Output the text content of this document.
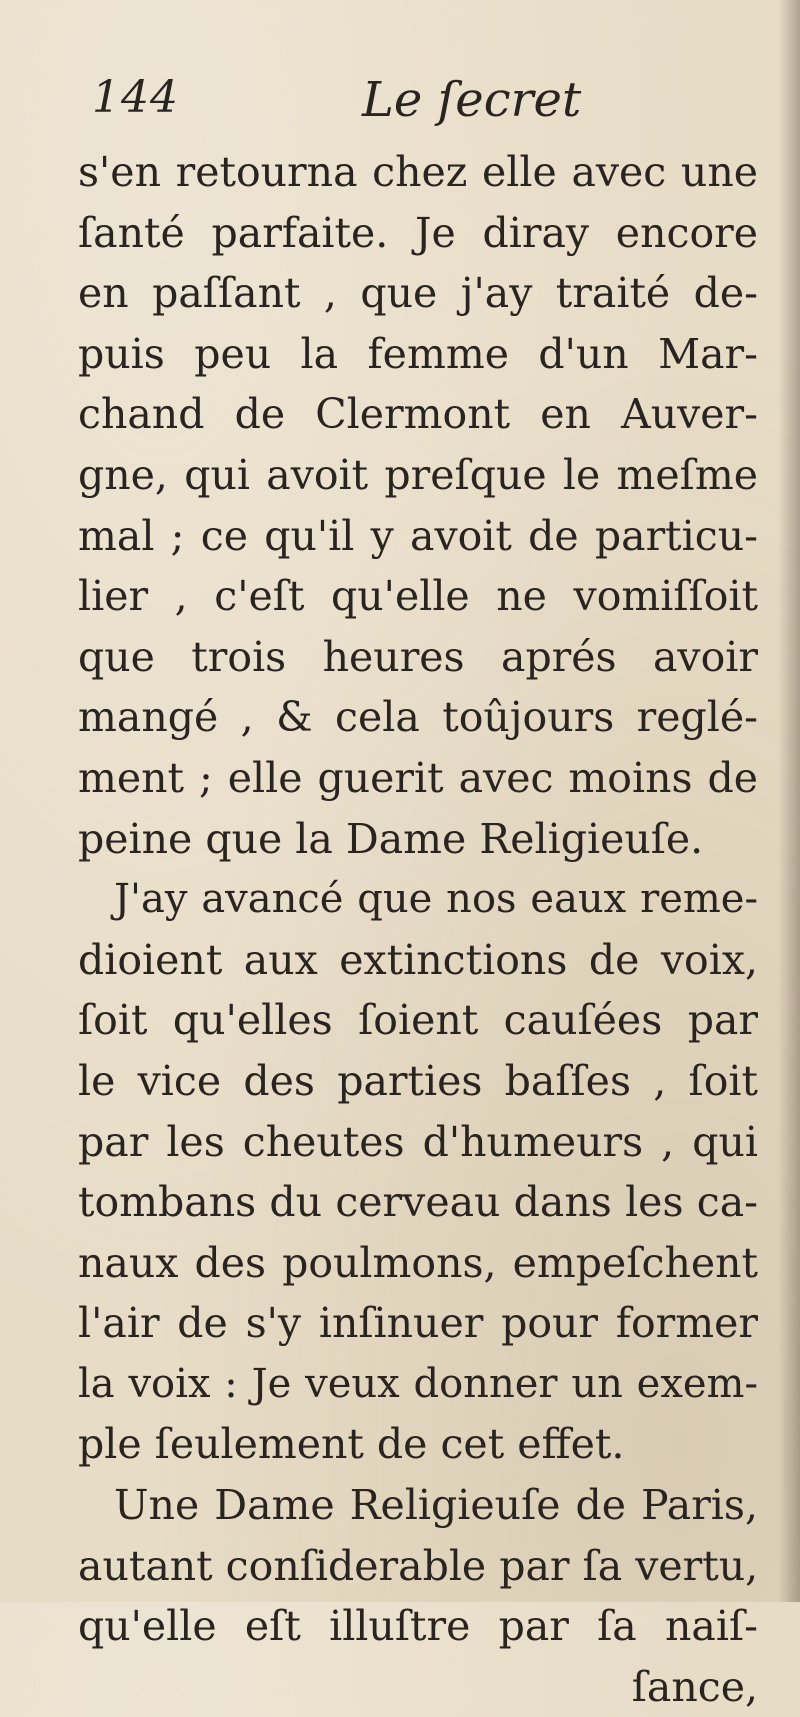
144	Le ſecret
s'en retourna chez elle avec une
ſanté parfaite. Je diray encore
en paſſant , que j'ay traité de-
puis peu la femme d'un Mar-
chand de Clermont en Auver-
gne, qui avoit preſque le meſme
mal ; ce qu'il y avoit de particu-
lier , c'eſt qu'elle ne vomiſſoit
que trois heures aprés avoir
mangé , & cela toûjours reglé-
ment ; elle guerit avec moins de
peine que la Dame Religieuſe.
J'ay avancé que nos eaux reme-
dioient aux extinctions de voix,
ſoit qu'elles ſoient cauſées par
le vice des parties baſſes , ſoit
par les cheutes d'humeurs , qui
tombans du cerveau dans les ca-
naux des poulmons, empeſchent
l'air de s'y inſinuer pour former
la voix : Je veux donner un exem-
ple ſeulement de cet effet.
Une Dame Religieuſe de Paris,
autant conſiderable par ſa vertu,
qu'elle eſt illuſtre par ſa naiſ-
ſance,
